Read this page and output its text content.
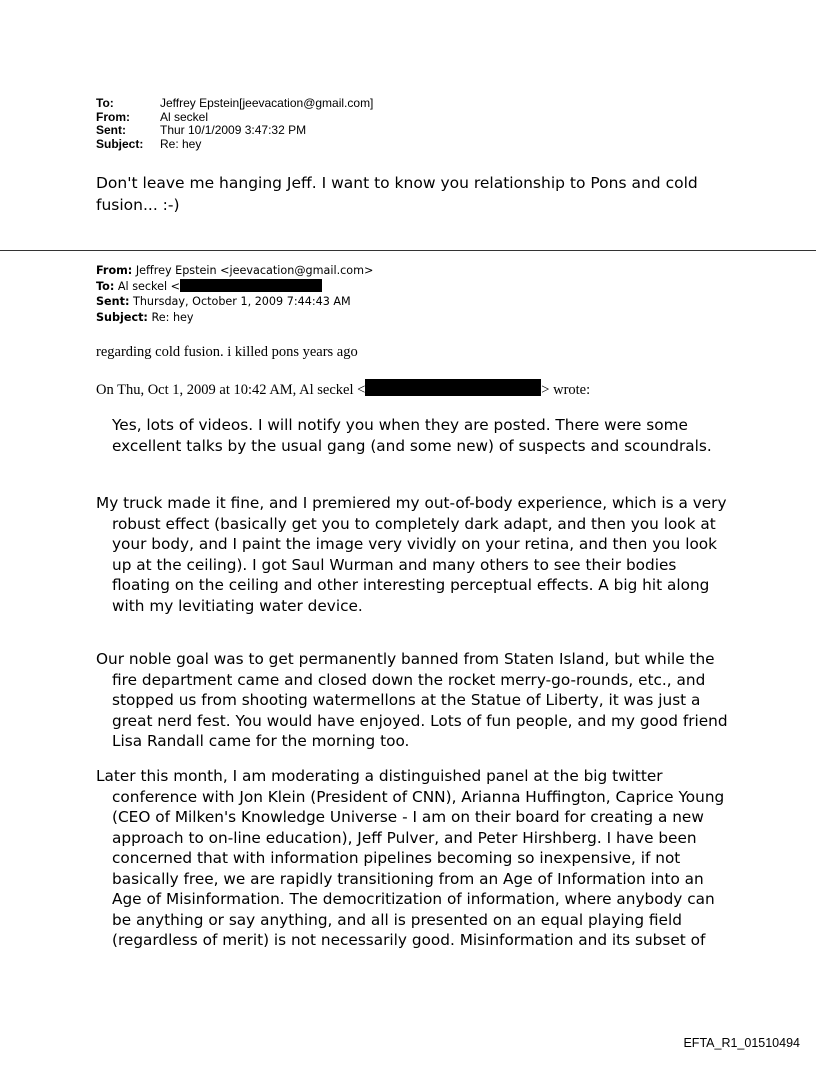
To:	Jeffrey Epstein[jeevacation@gmail.com]
From:	Al seckel
Sent:	Thur 10/1/2009 3:47:32 PM
Subject:	Re: hey

Don't leave me hanging Jeff. I want to know you relationship to Pons and cold fusion... :-)

From: Jeffrey Epstein <jeevacation@gmail.com>
To: Al seckel <
Sent: Thursday, October 1, 2009 7:44:43 AM
Subject: Re: hey

regarding cold fusion. i killed pons years ago

On Thu, Oct 1, 2009 at 10:42 AM, Al seckel <	> wrote:

Yes, lots of videos. I will notify you when they are posted. There were some excellent talks by the usual gang (and some new) of suspects and scoundrals.

My truck made it fine, and I premiered my out-of-body experience, which is a very robust effect (basically get you to completely dark adapt, and then you look at your body, and I paint the image very vividly on your retina, and then you look up at the ceiling). I got Saul Wurman and many others to see their bodies floating on the ceiling and other interesting perceptual effects. A big hit along with my levitiating water device.

Our noble goal was to get permanently banned from Staten Island, but while the fire department came and closed down the rocket merry-go-rounds, etc., and stopped us from shooting watermellons at the Statue of Liberty, it was just a great nerd fest. You would have enjoyed. Lots of fun people, and my good friend Lisa Randall came for the morning too.

Later this month, I am moderating a distinguished panel at the big twitter conference with Jon Klein (President of CNN), Arianna Huffington, Caprice Young (CEO of Milken's Knowledge Universe - I am on their board for creating a new approach to on-line education), Jeff Pulver, and Peter Hirshberg. I have been concerned that with information pipelines becoming so inexpensive, if not basically free, we are rapidly transitioning from an Age of Information into an Age of Misinformation. The democritization of information, where anybody can be anything or say anything, and all is presented on an equal playing field (regardless of merit) is not necessarily good. Misinformation and its subset of

EFTA_R1_01510494
